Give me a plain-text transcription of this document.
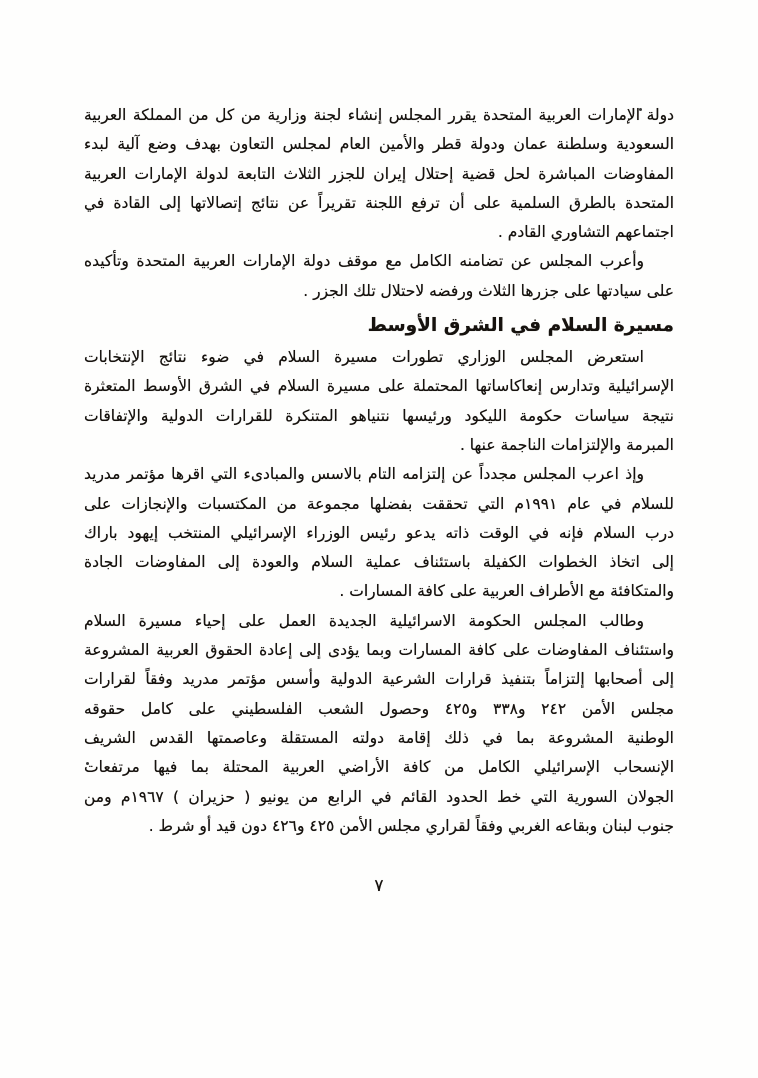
دولة الإمارات العربية المتحدة يقرر المجلس إنشاء لجنة وزارية من كل من المملكة العربية
السعودية وسلطنة عمان ودولة قطر والأمين العام لمجلس التعاون بهدف وضع آلية لبدء
المفاوضات المباشرة لحل قضية إحتلال إيران للجزر الثلاث التابعة لدولة الإمارات العربية
المتحدة بالطرق السلمية على أن ترفع اللجنة تقريراً عن نتائج إتصالاتها إلى القادة في
اجتماعهم التشاوري القادم .
وأعرب المجلس عن تضامنه الكامل مع موقف دولة الإمارات العربية المتحدة وتأكيده
على سيادتها على جزرها الثلاث ورفضه لاحتلال تلك الجزر .
مسيرة السلام في الشرق الأوسط
استعرض المجلس الوزاري تطورات مسيرة السلام في ضوء نتائج الإنتخابات
الإسرائيلية وتدارس إنعاكاساتها المحتملة على مسيرة السلام في الشرق الأوسط المتعثرة
نتيجة سياسات حكومة الليكود ورئيسها نتنياهو المتنكرة للقرارات الدولية والإتفاقات
المبرمة والإلتزامات الناجمة عنها .
وإذ اعرب المجلس مجدداً عن إلتزامه التام بالاسس والمبادىء التي اقرها مؤتمر مدريد
للسلام في عام ١٩٩١م التي تحققت بفضلها مجموعة من المكتسبات والإنجازات على
درب السلام فإنه في الوقت ذاته يدعو رئيس الوزراء الإسرائيلي المنتخب إيهود باراك
إلى اتخاذ الخطوات الكفيلة باستئناف عملية السلام والعودة إلى المفاوضات الجادة
والمتكافئة مع الأطراف العربية على كافة المسارات .
وطالب المجلس الحكومة الاسرائيلية الجديدة العمل على إحياء مسيرة السلام
واستئناف المفاوضات على كافة المسارات وبما يؤدى إلى إعادة الحقوق العربية المشروعة
إلى أصحابها إلتزاماً بتنفيذ قرارات الشرعية الدولية وأسس مؤتمر مدريد وفقاً لقرارات
مجلس الأمن ٢٤٢ و٣٣٨ و٤٢٥ وحصول الشعب الفلسطيني على كامل حقوقه
الوطنية المشروعة بما في ذلك إقامة دولته المستقلة وعاصمتها القدس الشريف
الإنسحاب الإسرائيلي الكامل من كافة الأراضي العربية المحتلة بما فيها مرتفعات
الجولان السورية التي خط الحدود القائم في الرابع من يونيو ( حزيران ) ١٩٦٧م ومن
جنوب لبنان وبقاعه الغربي وفقاً لقراري مجلس الأمن ٤٢٥ و٤٢٦ دون قيد أو شرط .
٧
